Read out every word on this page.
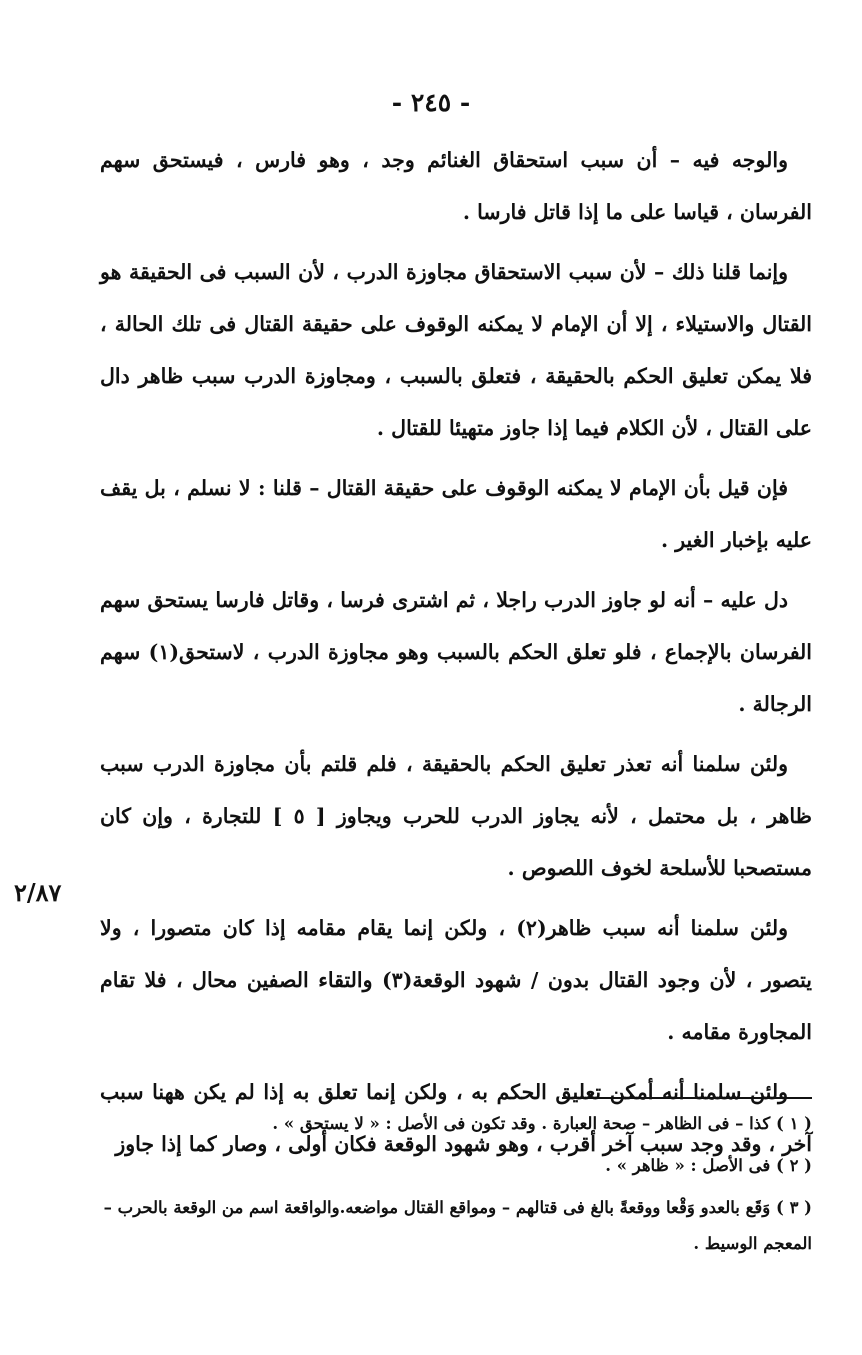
- ٢٤٥ -
٢/٨٧

والوجه فيه – أن سبب استحقاق الغنائم وجد ، وهو فارس ، فيستحق سهم الفرسان ، قياسا على ما إذا قاتل فارسا .

وإنما قلنا ذلك – لأن سبب الاستحقاق مجاوزة الدرب ، لأن السبب فى الحقيقة هو القتال والاستيلاء ، إلا أن الإمام لا يمكنه الوقوف على حقيقة القتال فى تلك الحالة ، فلا يمكن تعليق الحكم بالحقيقة ، فتعلق بالسبب ، ومجاوزة الدرب سبب ظاهر دال على القتال ، لأن الكلام فيما إذا جاوز متهيئا للقتال .

فإن قيل بأن الإمام لا يمكنه الوقوف على حقيقة القتال – قلنا : لا نسلم ، بل يقف عليه بإخبار الغير .

دل عليه – أنه لو جاوز الدرب راجلا ، ثم اشترى فرسا ، وقاتل فارسا يستحق سهم الفرسان بالإجماع ، فلو تعلق الحكم بالسبب وهو مجاوزة الدرب ، لاستحق(١) سهم الرجالة .

ولئن سلمنا أنه تعذر تعليق الحكم بالحقيقة ، فلم قلتم بأن مجاوزة الدرب سبب ظاهر ، بل محتمل ، لأنه يجاوز الدرب للحرب ويجاوز [ ٥ ] للتجارة ، وإن كان مستصحبا للأسلحة لخوف اللصوص .

ولئن سلمنا أنه سبب ظاهر(٢) ، ولكن إنما يقام مقامه إذا كان متصورا ، ولا يتصور ، لأن وجود القتال بدون / شهود الوقعة(٣) والتقاء الصفين محال ، فلا تقام المجاورة مقامه .

ولئن سلمنا أنه أمكن تعليق الحكم به ، ولكن إنما تعلق به إذا لم يكن ههنا سبب آخر ، وقد وجد سبب آخر أقرب ، وهو شهود الوقعة فكان أولى ، وصار كما إذا جاوز

( ١ ) كذا – فى الظاهر – صحة العبارة . وقد تكون فى الأصل : « لا يستحق » .

( ٢ ) فى الأصل : « ظاهر » .

( ٣ ) وَقَع بالعدو وَقْعا ووقعةً بالغ فى قتالهم – ومواقع القتال مواضعه.والواقعة اسم من الوقعة بالحرب – المعجم الوسيط .
